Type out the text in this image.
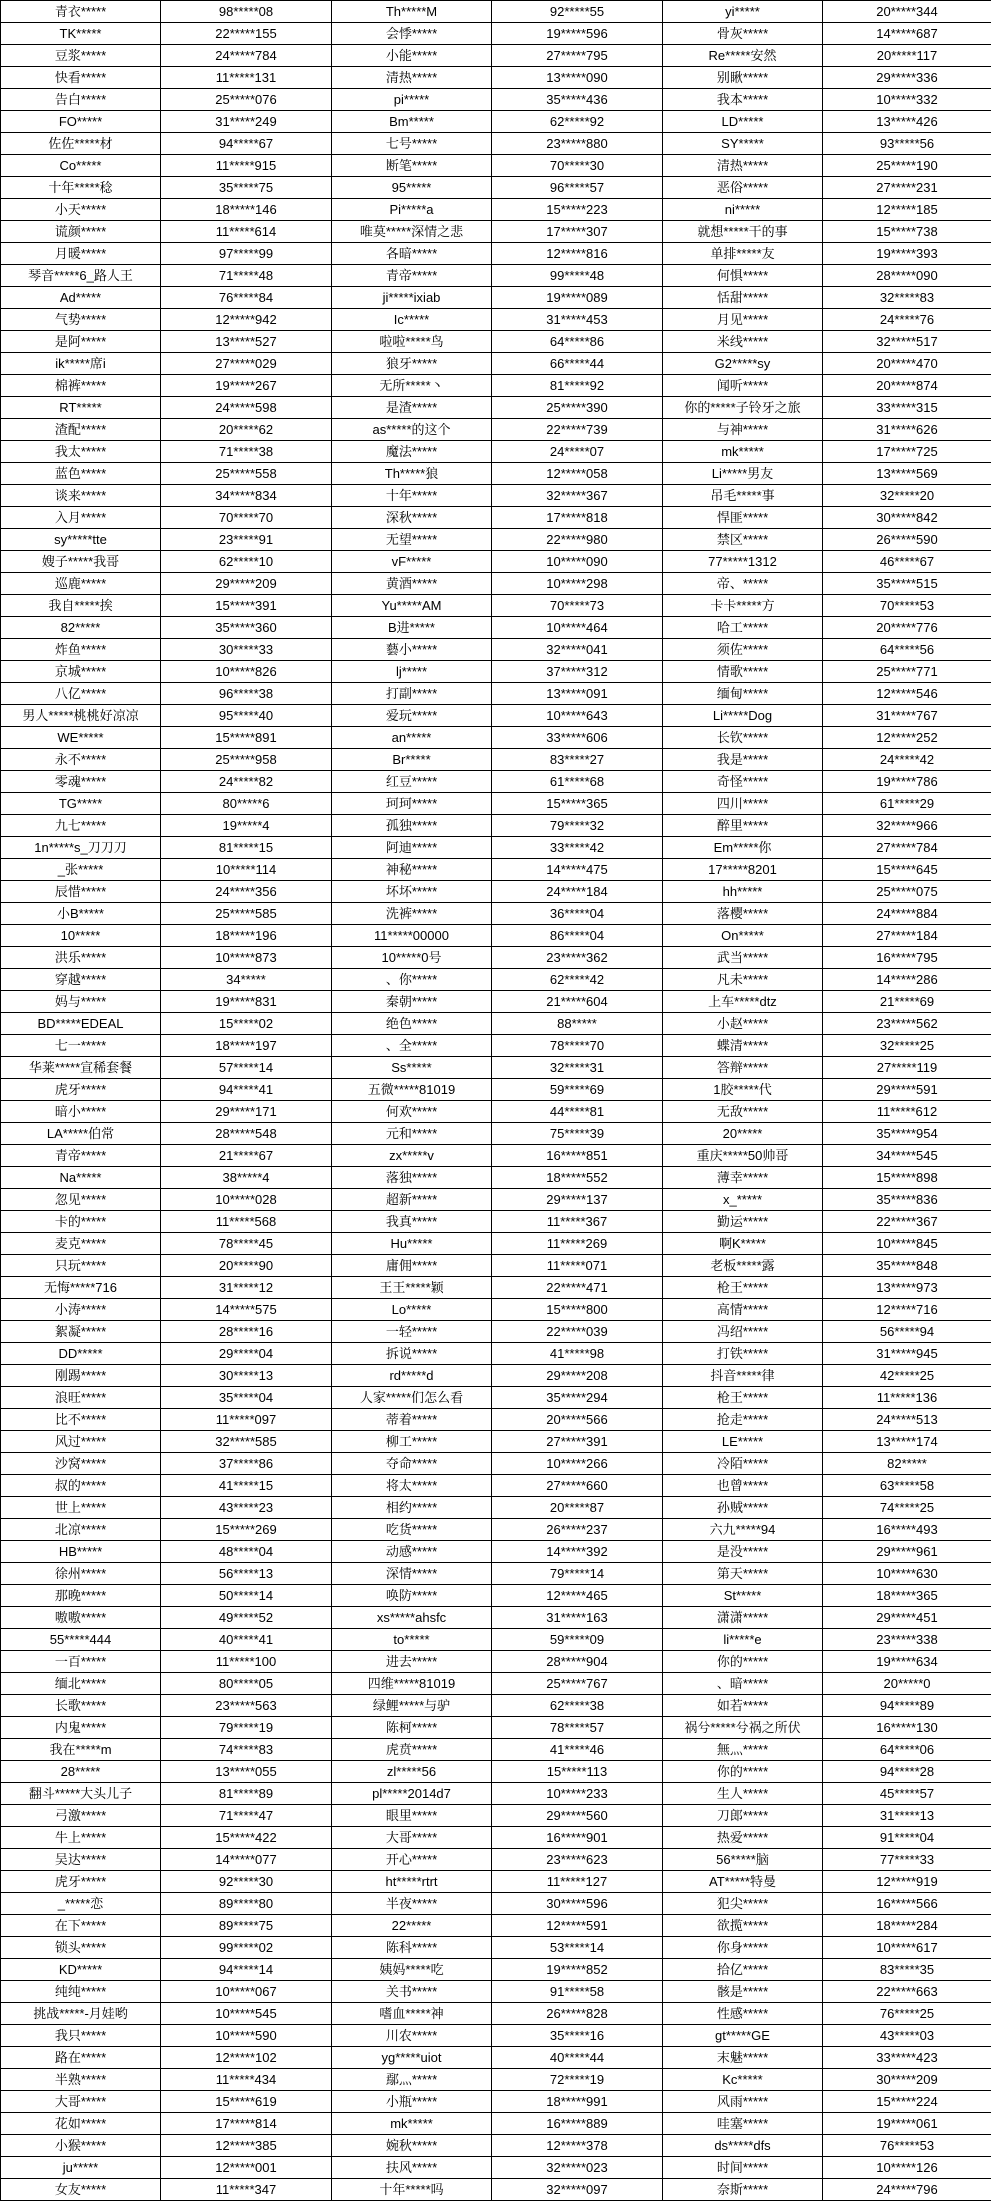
青衣*****	98*****08	Th*****M	92*****55	yi*****	20*****344
TK*****	22*****155	会悸*****	19*****596	骨灰*****	14*****687
豆浆*****	24*****784	小能*****	27*****795	Re*****安然	20*****117
快看*****	11*****131	清热*****	13*****090	别瞅*****	29*****336
告白*****	25*****076	pi*****	35*****436	我本*****	10*****332
FO*****	31*****249	Bm*****	62*****92	LD*****	13*****426
佐佐*****材	94*****67	七号*****	23*****880	SY*****	93*****56
Co*****	11*****915	断笔*****	70*****30	清热*****	25*****190
十年*****稔	35*****75	95*****	96*****57	恶俗*****	27*****231
小天*****	18*****146	Pi*****a	15*****223	ni*****	12*****185
谎颜*****	11*****614	唯莫*****深情之悲	17*****307	就想*****干的事	15*****738
月暖*****	97*****99	各暗*****	12*****816	单排*****友	19*****393
琴音*****6_路人王	71*****48	青帝*****	99*****48	何惧*****	28*****090
Ad*****	76*****84	ji*****ixiab	19*****089	恬甜*****	32*****83
气势*****	12*****942	Ic*****	31*****453	月见*****	24*****76
是阿*****	13*****527	啦啦*****鸟	64*****86	米线*****	32*****517
ik*****席i	27*****029	狼牙*****	66*****44	G2*****sy	20*****470
棉裤*****	19*****267	无所*****丶	81*****92	闻听*****	20*****874
RT*****	24*****598	是渣*****	25*****390	你的*****子铃牙之旅	33*****315
渣配*****	20*****62	as*****的这个	22*****739	与神*****	31*****626
我太*****	71*****38	魔法*****	24*****07	mk*****	17*****725
蓝色*****	25*****558	Th*****狼	12*****058	Li*****男友	13*****569
谈来*****	34*****834	十年*****	32*****367	吊毛*****事	32*****20
入月*****	70*****70	深秋*****	17*****818	悍匪*****	30*****842
sy*****tte	23*****91	无望*****	22*****980	禁区*****	26*****590
嫂子*****我哥	62*****10	vF*****	10*****090	77*****1312	46*****67
巡鹿*****	29*****209	黄酒*****	10*****298	帝、*****	35*****515
我自*****挨	15*****391	Yu*****AM	70*****73	卡卡*****方	70*****53
82*****	35*****360	B进*****	10*****464	哈工*****	20*****776
炸鱼*****	30*****33	藝小*****	32*****041	须佐*****	64*****56
京城*****	10*****826	lj*****	37*****312	情歌*****	25*****771
八亿*****	96*****38	打副*****	13*****091	缅甸*****	12*****546
男人*****桃桃好凉凉	95*****40	爱玩*****	10*****643	Li*****Dog	31*****767
WE*****	15*****891	an*****	33*****606	长钦*****	12*****252
永不*****	25*****958	Br*****	83*****27	我是*****	24*****42
零魂*****	24*****82	红豆*****	61*****68	奇怪*****	19*****786
TG*****	80*****6	珂珂*****	15*****365	四川*****	61*****29
九七*****	19*****4	孤独*****	79*****32	醉里*****	32*****966
1n*****s_刀刀刀	81*****15	阿迪*****	33*****42	Em*****你	27*****784
_张*****	10*****114	神秘*****	14*****475	17*****8201	15*****645
辰惜*****	24*****356	坏坏*****	24*****184	hh*****	25*****075
小B*****	25*****585	洗裤*****	36*****04	落樱*****	24*****884
10*****	18*****196	11*****00000	86*****04	On*****	27*****184
洪乐*****	10*****873	10*****0号	23*****362	武当*****	16*****795
穿越*****	34*****	、你*****	62*****42	凡未*****	14*****286
妈与*****	19*****831	秦朝*****	21*****604	上车*****dtz	21*****69
BD*****EDEAL	15*****02	绝色*****	88*****	小赵*****	23*****562
七一*****	18*****197	、全*****	78*****70	蝶清*****	32*****25
华莱*****宣稀套餐	57*****14	Ss*****	32*****31	答辩*****	27*****119
虎牙*****	94*****41	五微*****81019	59*****69	1胶*****代	29*****591
暗小*****	29*****171	何欢*****	44*****81	无敌*****	11*****612
LA*****伯常	28*****548	元和*****	75*****39	20*****	35*****954
青帝*****	21*****67	zx*****v	16*****851	重庆*****50帅哥	34*****545
Na*****	38*****4	落独*****	18*****552	薄幸*****	15*****898
忽见*****	10*****028	超新*****	29*****137	x_*****	35*****836
卡的*****	11*****568	我真*****	11*****367	勤运*****	22*****367
麦克*****	78*****45	Hu*****	11*****269	啊K*****	10*****845
只玩*****	20*****90	庸佣*****	11*****071	老板*****露	35*****848
无悔*****716	31*****12	王王*****颖	22*****471	枪王*****	13*****973
小涛*****	14*****575	Lo*****	15*****800	高情*****	12*****716
絮凝*****	28*****16	一轻*****	22*****039	冯绍*****	56*****94
DD*****	29*****04	拆说*****	41*****98	打铁*****	31*****945
刚踢*****	30*****13	rd*****d	29*****208	抖音*****律	42*****25
浪旺*****	35*****04	人家*****们怎么看	35*****294	枪王*****	11*****136
比不*****	11*****097	蒂着*****	20*****566	抢走*****	24*****513
风过*****	32*****585	柳工*****	27*****391	LE*****	13*****174
沙窝*****	37*****86	夺命*****	10*****266	冷陌*****	82*****
叔的*****	41*****15	将太*****	27*****660	也曾*****	63*****58
世上*****	43*****23	相约*****	20*****87	孙贼*****	74*****25
北凉*****	15*****269	吃货*****	26*****237	六九*****94	16*****493
HB*****	48*****04	动感*****	14*****392	是没*****	29*****961
徐州*****	56*****13	深情*****	79*****14	第天*****	10*****630
那晚*****	50*****14	唤防*****	12*****465	St*****	18*****365
嗷嗷*****	49*****52	xs*****ahsfc	31*****163	潇潇*****	29*****451
55*****444	40*****41	to*****	59*****09	li*****e	23*****338
一百*****	11*****100	进去*****	28*****904	你的*****	19*****634
缅北*****	80*****05	四维*****81019	25*****767	、暗*****	20*****0
长歌*****	23*****563	绿鲤*****与驴	62*****38	如若*****	94*****89
内鬼*****	79*****19	陈柯*****	78*****57	祸兮*****兮祸之所伏	16*****130
我在*****m	74*****83	虎贲*****	41*****46	無灬*****	64*****06
28*****	13*****055	zl*****56	15*****113	你的*****	94*****28
翻斗*****大头儿子	81*****89	pl*****2014d7	10*****233	生人*****	45*****57
弓激*****	71*****47	眼里*****	29*****560	刀郎*****	31*****13
牛上*****	15*****422	大哥*****	16*****901	热爱*****	91*****04
吴达*****	14*****077	开心*****	23*****623	56*****脑	77*****33
虎牙*****	92*****30	ht*****rtrt	11*****127	AT*****特曼	12*****919
_*****恋	89*****80	半夜*****	30*****596	犯尖*****	16*****566
在下*****	89*****75	22*****	12*****591	欲揽*****	18*****284
锁头*****	99*****02	陈科*****	53*****14	你身*****	10*****617
KD*****	94*****14	姨妈*****吃	19*****852	拾亿*****	83*****35
纯纯*****	10*****067	关书*****	91*****58	骸是*****	22*****663
挑战*****-月娃哟	10*****545	嗜血*****神	26*****828	性感*****	76*****25
我只*****	10*****590	川农*****	35*****16	gt*****GE	43*****03
路在*****	12*****102	yg*****uiot	40*****44	末魅*****	33*****423
半熟*****	11*****434	鄢灬*****	72*****19	Kc*****	30*****209
大哥*****	15*****619	小瓶*****	18*****991	风雨*****	15*****224
花如*****	17*****814	mk*****	16*****889	哇塞*****	19*****061
小猴*****	12*****385	婉秋*****	12*****378	ds*****dfs	76*****53
ju*****	12*****001	扶风*****	32*****023	时间*****	10*****126
女友*****	11*****347	十年*****吗	32*****097	奈斯*****	24*****796
